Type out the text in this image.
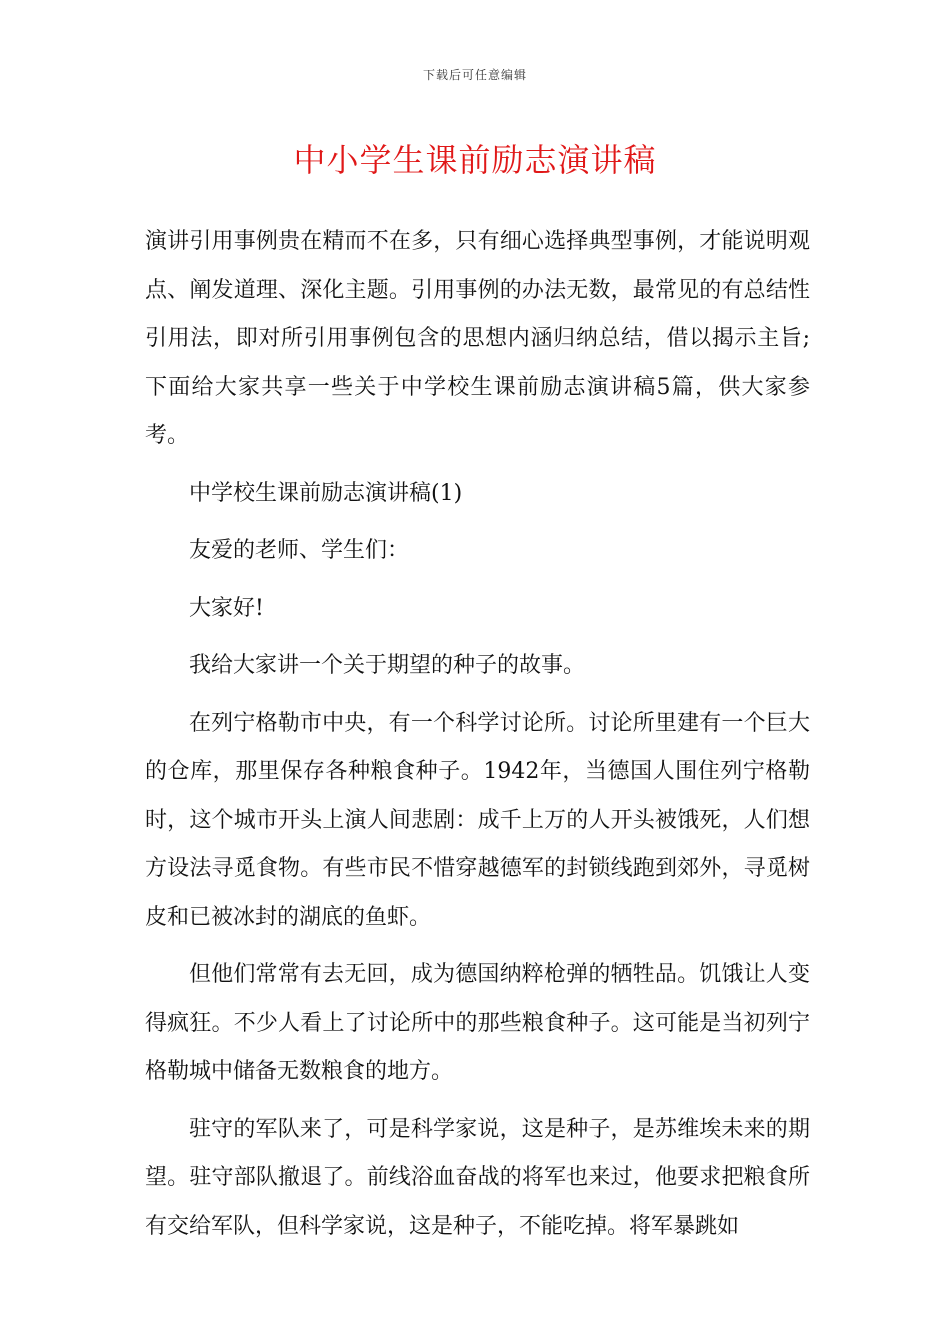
下载后可任意编辑
中小学生课前励志演讲稿

演讲引用事例贵在精而不在多，只有细心选择典型事例，才能说明观点、阐发道理、深化主题。引用事例的办法无数，最常见的有总结性引用法，即对所引用事例包含的思想内涵归纳总结，借以揭示主旨;下面给大家共享一些关于中学校生课前励志演讲稿5篇，供大家参考。

中学校生课前励志演讲稿(1)

友爱的老师、学生们：

大家好!

我给大家讲一个关于期望的种子的故事。

在列宁格勒市中央，有一个科学讨论所。讨论所里建有一个巨大的仓库，那里保存各种粮食种子。1942年，当德国人围住列宁格勒时，这个城市开头上演人间悲剧：成千上万的人开头被饿死，人们想方设法寻觅食物。有些市民不惜穿越德军的封锁线跑到郊外，寻觅树皮和已被冰封的湖底的鱼虾。

但他们常常有去无回，成为德国纳粹枪弹的牺牲品。饥饿让人变得疯狂。不少人看上了讨论所中的那些粮食种子。这可能是当初列宁格勒城中储备无数粮食的地方。

驻守的军队来了，可是科学家说，这是种子，是苏维埃未来的期望。驻守部队撤退了。前线浴血奋战的将军也来过，他要求把粮食所有交给军队，但科学家说，这是种子，不能吃掉。将军暴跳如
